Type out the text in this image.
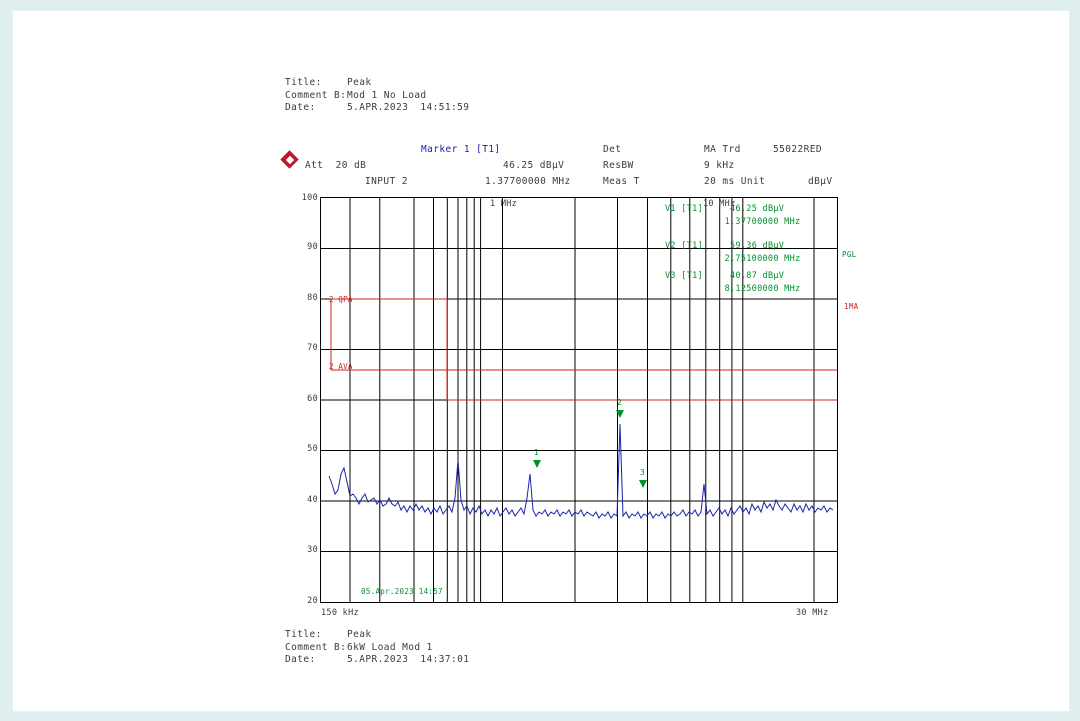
Title:	Peak
Comment B:Mod 1 No Load
Date:	5.APR.2023  14:51:59
Marker 1 [T1]	Det	MA Trd	55022RED
Att  20 dB	46.25 dBµV	ResBW	9 kHz
INPUT 2	1.37700000 MHz	Meas T	20 ms Unit	dBµV
100
90
80
70
60
50
40
30
20
1
2
3
2 QPA
2 AVA
05.Apr.2023 14:57
1 MHz	10 MHz
V1 [T1]	46.25 dBµV
1.37700000 MHz
V2 [T1]	59.36 dBµV
2.75100000 MHz
V3 [T1]	40.87 dBµV
8.12500000 MHz
PGL
1MA
150 kHz	30 MHz
Title:	Peak
Comment B:6kW Load Mod 1
Date:	5.APR.2023  14:37:01
